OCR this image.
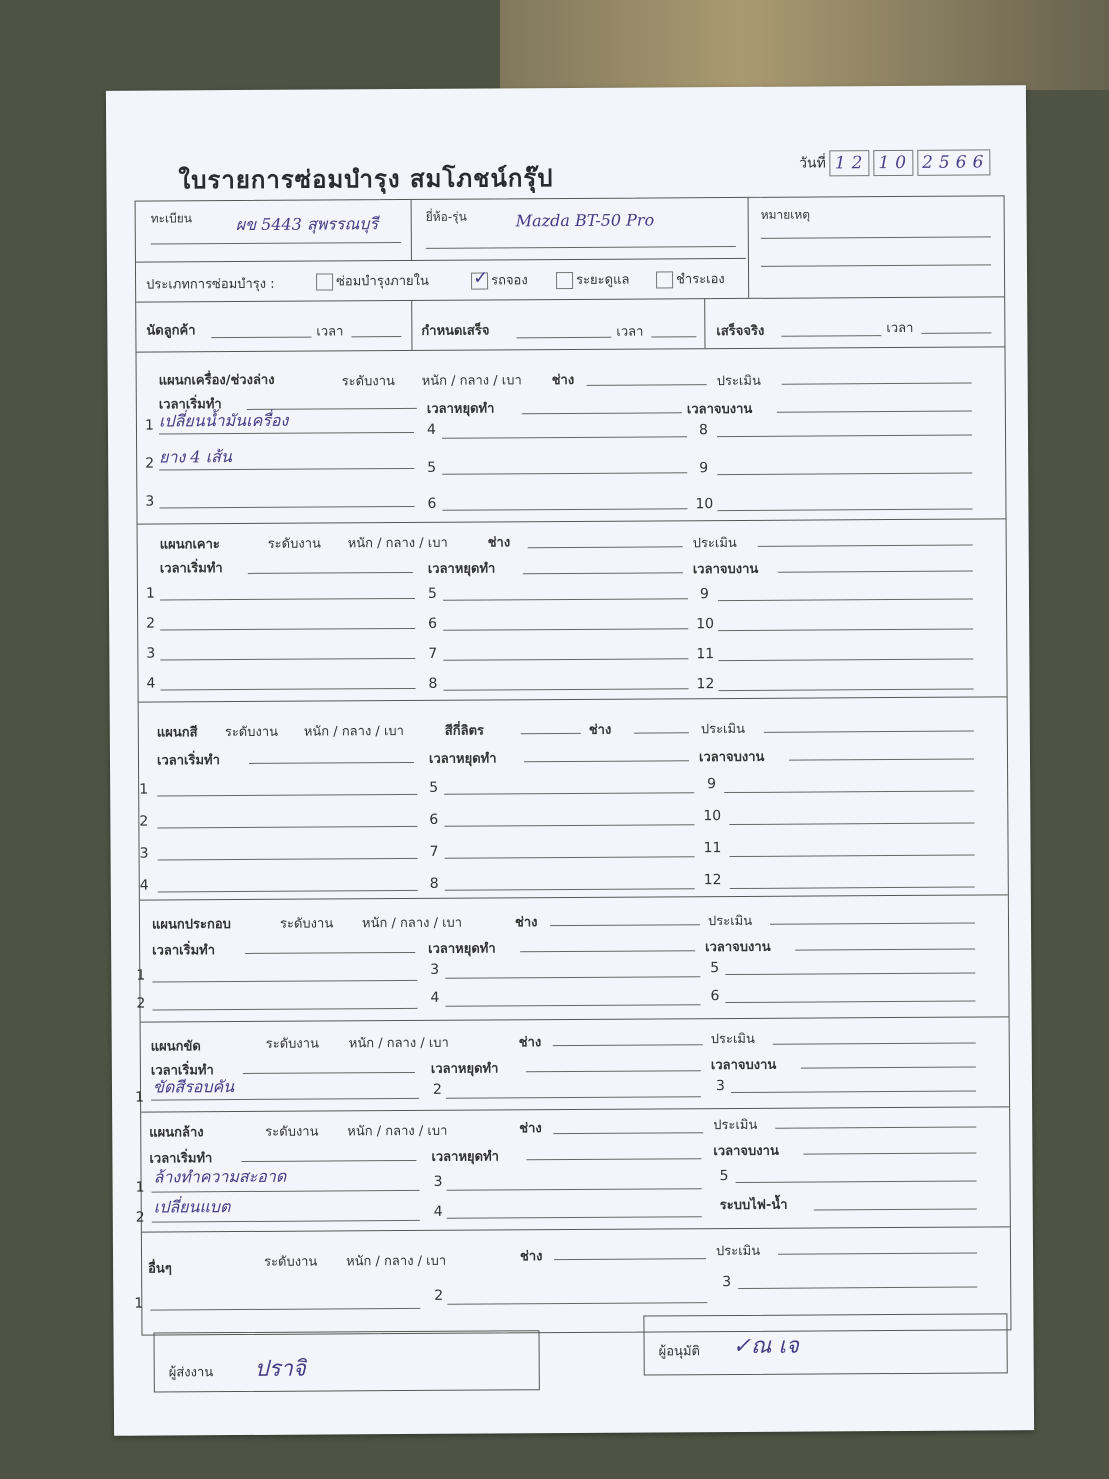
ใบรายการซ่อมบำรุง สมโภชน์กรุ๊ป
วันที่ 12 10 2566
ทะเบียน	ผข 5443 สุพรรณบุรี	ยี่ห้อ-รุ่น	Mazda BT-50 Pro	หมายเหตุ
ประเภทการซ่อมบำรุง :	ซ่อมบำรุงภายใน
✓	รถจอง	ระยะดูแล	ชำระเอง
นัดลูกค้า	เวลา	กำหนดเสร็จ	เวลา	เสร็จจริง	เวลา
แผนกเครื่อง/ช่วงล่าง	ระดับงาน หนัก / กลาง / เบา ช่าง	ประเมิน
เวลาเริ่มทำ	เวลาหยุดทำ	เวลาจบงาน
1 เปลี่ยนน้ำมันเครื่อง	4	8
2 ยาง 4 เส้น
5	9
3	6	10
แผนกเคาะ	ระดับงาน หนัก / กลาง / เบา	ช่าง	ประเมิน
เวลาเริ่มทำ	เวลาหยุดทำ	เวลาจบงาน
1	5	9
2	6	10
3	7	11
4	8	12
แผนกสี ระดับงาน หนัก / กลาง / เบา	สีกี่ลิตร	ช่าง	ประเมิน
เวลาเริ่มทำ	เวลาหยุดทำ	เวลาจบงาน
1	5	9
2	6	10
3	7	11
4	8	12
แผนกประกอบ	ระดับงาน หนัก / กลาง / เบา	ช่าง	ประเมิน
เวลาเริ่มทำ	เวลาหยุดทำ	เวลาจบงาน
1	3	5
2	4	6
แผนกขัด	ระดับงาน หนัก / กลาง / เบา	ช่าง	ประเมิน
เวลาเริ่มทำ	เวลาหยุดทำ	เวลาจบงาน
1
ขัดสีรอบคัน	2	3
แผนกล้าง	ระดับงาน หนัก / กลาง / เบา	ช่าง	ประเมิน
เวลาเริ่มทำ	เวลาหยุดทำ	เวลาจบงาน
1
ล้างทำความสะอาด	3	5
2
เปลี่ยนแบต	4	ระบบไฟ-น้ำ
อื่นๆ	ระดับงาน หนัก / กลาง / เบา	ช่าง	ประเมิน
1	2
3
ผู้ส่งงาน ปราจิ
ผู้อนุมัติ ✓ณ เจ
